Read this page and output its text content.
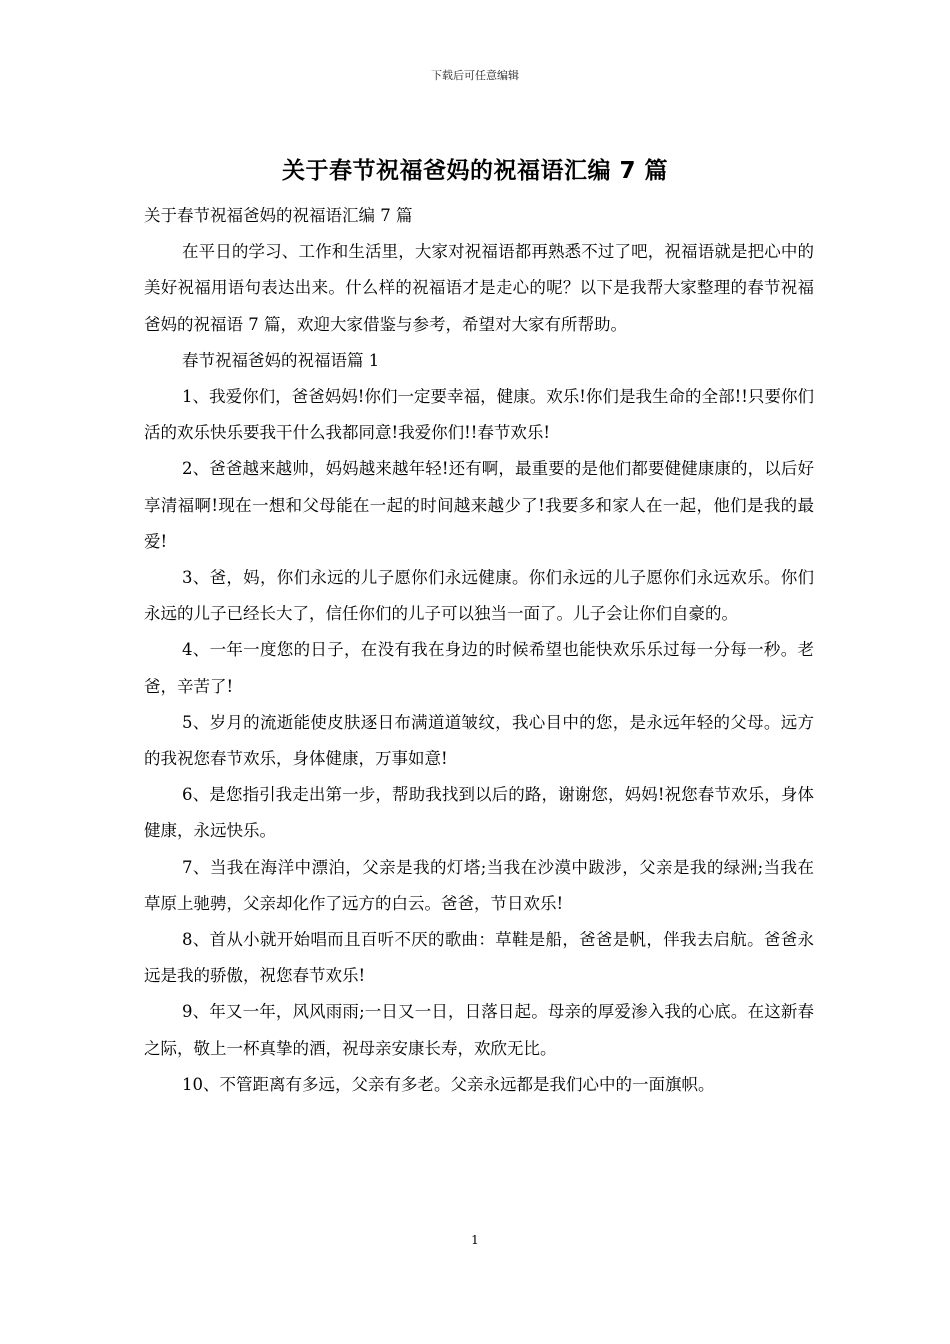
下载后可任意编辑
关于春节祝福爸妈的祝福语汇编 7 篇

关于春节祝福爸妈的祝福语汇编 7 篇

在平日的学习、工作和生活里，大家对祝福语都再熟悉不过了吧，祝福语就是把心中的美好祝福用语句表达出来。什么样的祝福语才是走心的呢？以下是我帮大家整理的春节祝福爸妈的祝福语 7 篇，欢迎大家借鉴与参考，希望对大家有所帮助。

春节祝福爸妈的祝福语篇 1

1、我爱你们，爸爸妈妈!你们一定要幸福，健康。欢乐!你们是我生命的全部!!只要你们活的欢乐快乐要我干什么我都同意!我爱你们!!春节欢乐!

2、爸爸越来越帅，妈妈越来越年轻!还有啊，最重要的是他们都要健健康康的，以后好享清福啊!现在一想和父母能在一起的时间越来越少了!我要多和家人在一起，他们是我的最爱!

3、爸，妈，你们永远的儿子愿你们永远健康。你们永远的儿子愿你们永远欢乐。你们永远的儿子已经长大了，信任你们的儿子可以独当一面了。儿子会让你们自豪的。

4、一年一度您的日子，在没有我在身边的时候希望也能快欢乐乐过每一分每一秒。老爸，辛苦了!

5、岁月的流逝能使皮肤逐日布满道道皱纹，我心目中的您，是永远年轻的父母。远方的我祝您春节欢乐，身体健康，万事如意!

6、是您指引我走出第一步，帮助我找到以后的路，谢谢您，妈妈!祝您春节欢乐，身体健康，永远快乐。

7、当我在海洋中漂泊，父亲是我的灯塔;当我在沙漠中跋涉，父亲是我的绿洲;当我在草原上驰骋，父亲却化作了远方的白云。爸爸，节日欢乐!

8、首从小就开始唱而且百听不厌的歌曲：草鞋是船，爸爸是帆，伴我去启航。爸爸永远是我的骄傲，祝您春节欢乐!

9、年又一年，风风雨雨;一日又一日，日落日起。母亲的厚爱渗入我的心底。在这新春之际，敬上一杯真挚的酒，祝母亲安康长寿，欢欣无比。

10、不管距离有多远，父亲有多老。父亲永远都是我们心中的一面旗帜。

1
